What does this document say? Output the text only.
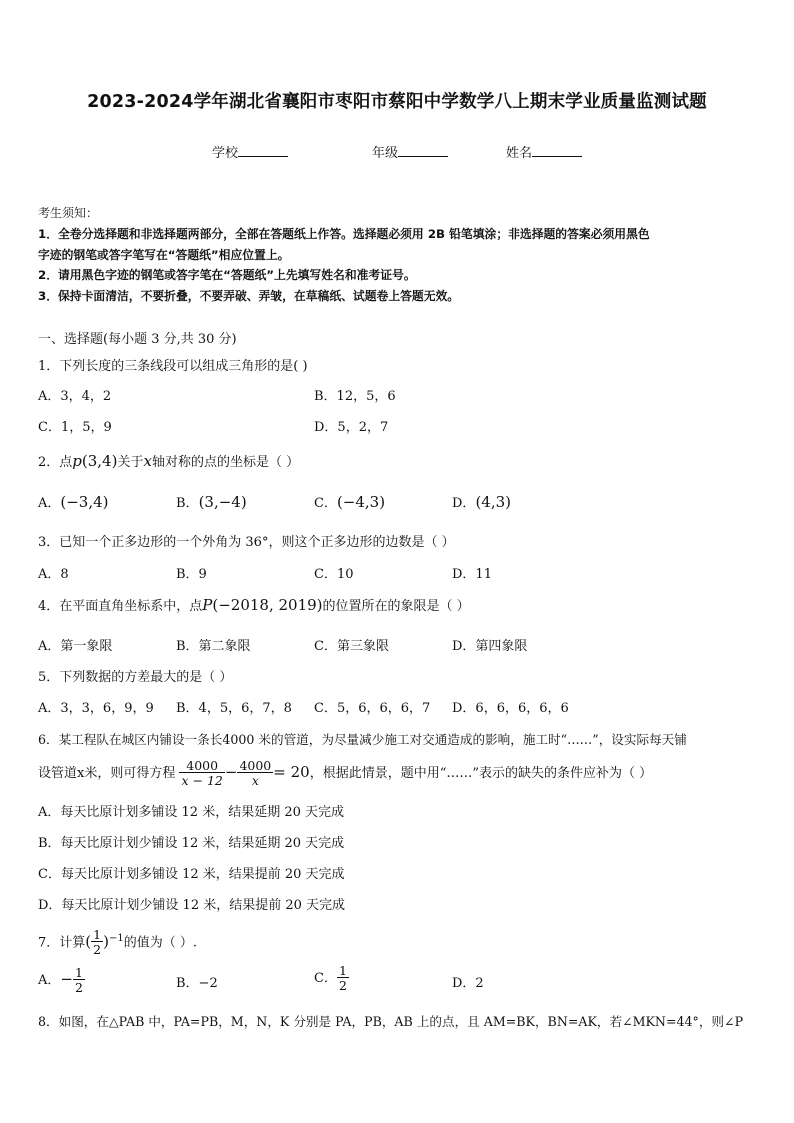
2023-2024学年湖北省襄阳市枣阳市蔡阳中学数学八上期末学业质量监测试题
学校	年级	姓名
考生须知：
1．全卷分选择题和非选择题两部分，全部在答题纸上作答。选择题必须用 2B 铅笔填涂；非选择题的答案必须用黑色
字迹的钢笔或答字笔写在“答题纸”相应位置上。
2．请用黑色字迹的钢笔或答字笔在“答题纸”上先填写姓名和准考证号。
3．保持卡面清洁，不要折叠，不要弄破、弄皱，在草稿纸、试题卷上答题无效。
一、选择题(每小题 3 分,共 30 分)
1．下列长度的三条线段可以组成三角形的是( )
A．3，4，2	B．12，5，6
C．1，5，9	D．5，2，7
2．点p(3,4)关于x轴对称的点的坐标是（ ）
A．(−3,4)	B．(3,−4)	C．(−4,3)	D．(4,3)
3．已知一个正多边形的一个外角为 36°，则这个正多边形的边数是（ ）
A．8	B．9	C．10	D．11
4．在平面直角坐标系中，点P(−2018, 2019)的位置所在的象限是（ ）
A．第一象限	B．第二象限	C．第三象限	D．第四象限
5．下列数据的方差最大的是（ ）
A．3，3，6，9，9 B．4，5，6，7，8 C．5，6，6，6，7 D．6，6，6，6，6
6．某工程队在城区内铺设一条长4000 米的管道，为尽量减少施工对交通造成的影响，施工时“……”，设实际每天铺
设管道x米，则可得方程 $\frac{4000}{x - 12} - \frac{4000}{x} = 20$，根据此情景，题中用“……”表示的缺失的条件应补为（ ）
A．每天比原计划多铺设 12 米，结果延期 20 天完成
B．每天比原计划少铺设 12 米，结果延期 20 天完成
C．每天比原计划多铺设 12 米，结果提前 20 天完成
D．每天比原计划少铺设 12 米，结果提前 20 天完成
7．计算( $\frac{1}{2} )^{-1}$的值为（ ）.
A．− $\frac{1}{2}$	B．−2	C． $\frac{1}{2}$	D．2
8．如图，在△PAB 中，PA=PB，M，N，K 分别是 PA，PB，AB 上的点，且 AM=BK，BN=AK，若∠MKN=44°，则∠P
